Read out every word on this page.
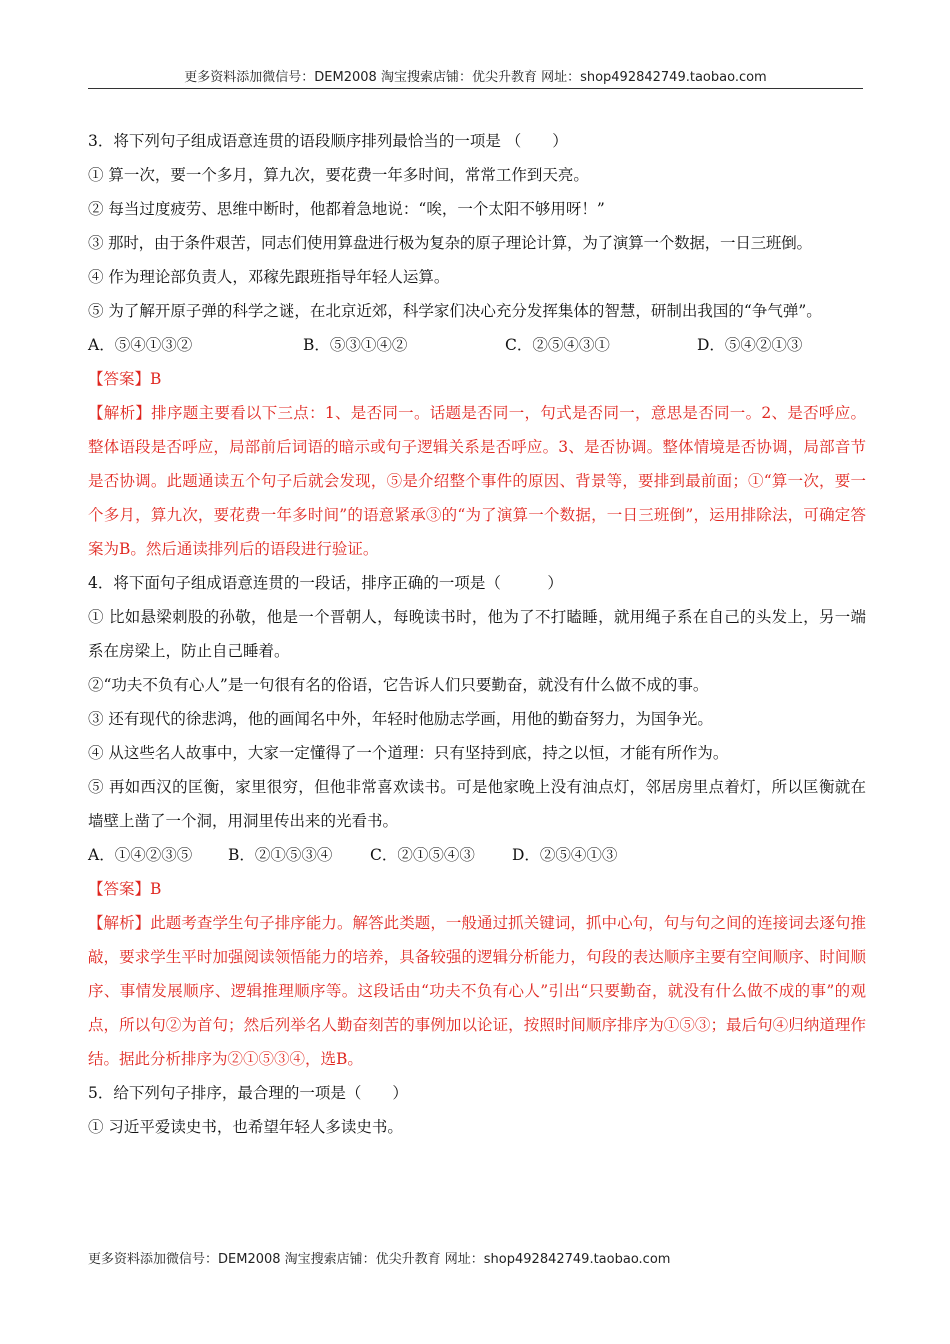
更多资料添加微信号：DEM2008 淘宝搜索店铺：优尖升教育 网址：shop492842749.taobao.com
3．将下列句子组成语意连贯的语段顺序排列最恰当的一项是 （　　）
① 算一次，要一个多月，算九次，要花费一年多时间，常常工作到天亮。
② 每当过度疲劳、思维中断时，他都着急地说：“唉，一个太阳不够用呀！”
③ 那时，由于条件艰苦，同志们使用算盘进行极为复杂的原子理论计算，为了演算一个数据，一日三班倒。
④ 作为理论部负责人，邓稼先跟班指导年轻人运算。
⑤ 为了解开原子弹的科学之谜，在北京近郊，科学家们决心充分发挥集体的智慧，研制出我国的“争气弹”。
A．⑤④①③②	B．⑤③①④②	C．②⑤④③①	D．⑤④②①③
【答案】B
【解析】排序题主要看以下三点：1、是否同一。话题是否同一，句式是否同一，意思是否同一。2、是否呼应。整体语段是否呼应，局部前后词语的暗示或句子逻辑关系是否呼应。3、是否协调。整体情境是否协调，局部音节是否协调。此题通读五个句子后就会发现，⑤是介绍整个事件的原因、背景等，要排到最前面；①“算一次，要一个多月，算九次，要花费一年多时间”的语意紧承③的“为了演算一个数据，一日三班倒”，运用排除法，可确定答案为B。然后通读排列后的语段进行验证。
4．将下面句子组成语意连贯的一段话，排序正确的一项是（　　　）
① 比如悬梁刺股的孙敬，他是一个晋朝人，每晚读书时，他为了不打瞌睡，就用绳子系在自己的头发上，另一端系在房梁上，防止自己睡着。
②“功夫不负有心人”是一句很有名的俗语，它告诉人们只要勤奋，就没有什么做不成的事。
③ 还有现代的徐悲鸿，他的画闻名中外，年轻时他励志学画，用他的勤奋努力，为国争光。
④ 从这些名人故事中，大家一定懂得了一个道理：只有坚持到底，持之以恒，才能有所作为。
⑤ 再如西汉的匡衡，家里很穷，但他非常喜欢读书。可是他家晚上没有油点灯，邻居房里点着灯，所以匡衡就在墙壁上凿了一个洞，用洞里传出来的光看书。
A．①④②③⑤ B．②①⑤③④ C．②①⑤④③ D．②⑤④①③
【答案】B
【解析】此题考查学生句子排序能力。解答此类题，一般通过抓关键词，抓中心句，句与句之间的连接词去逐句推敲，要求学生平时加强阅读领悟能力的培养，具备较强的逻辑分析能力，句段的表达顺序主要有空间顺序、时间顺序、事情发展顺序、逻辑推理顺序等。这段话由“功夫不负有心人”引出“只要勤奋，就没有什么做不成的事”的观点，所以句②为首句；然后列举名人勤奋刻苦的事例加以论证，按照时间顺序排序为①⑤③；最后句④归纳道理作结。据此分析排序为②①⑤③④，选B。
5．给下列句子排序，最合理的一项是（　　）
① 习近平爱读史书，也希望年轻人多读史书。
更多资料添加微信号：DEM2008 淘宝搜索店铺：优尖升教育 网址：shop492842749.taobao.com
